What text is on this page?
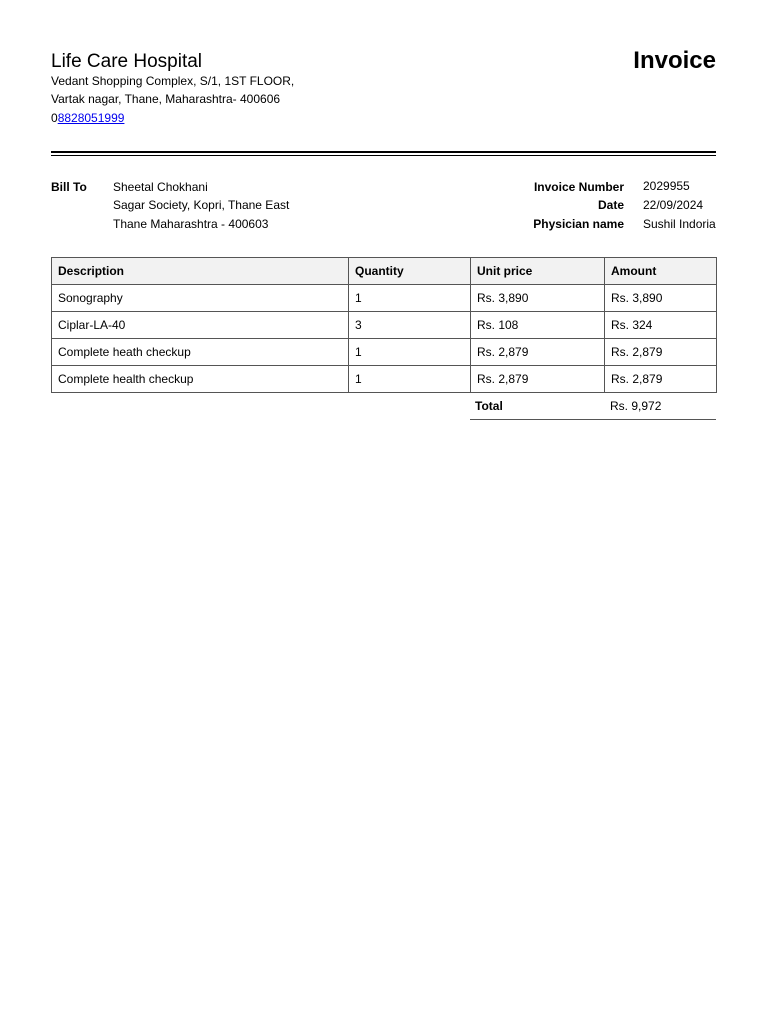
Life Care Hospital
Vedant Shopping Complex, S/1, 1ST FLOOR,
Vartak nagar, Thane, Maharashtra- 400606
08828051999
Invoice
Bill To Sheetal Chokhani
Sagar Society, Kopri, Thane East
Thane Maharashtra - 400603
Invoice Number 2029955
Date 22/09/2024
Physician name Sushil Indoria
Description	Quantity	Unit price	Amount
Sonography	1	Rs. 3,890	Rs. 3,890
Ciplar-LA-40	3	Rs. 108	Rs. 324
Complete heath checkup	1	Rs. 2,879	Rs. 2,879
Complete health checkup	1	Rs. 2,879	Rs. 2,879
Total	Rs. 9,972
